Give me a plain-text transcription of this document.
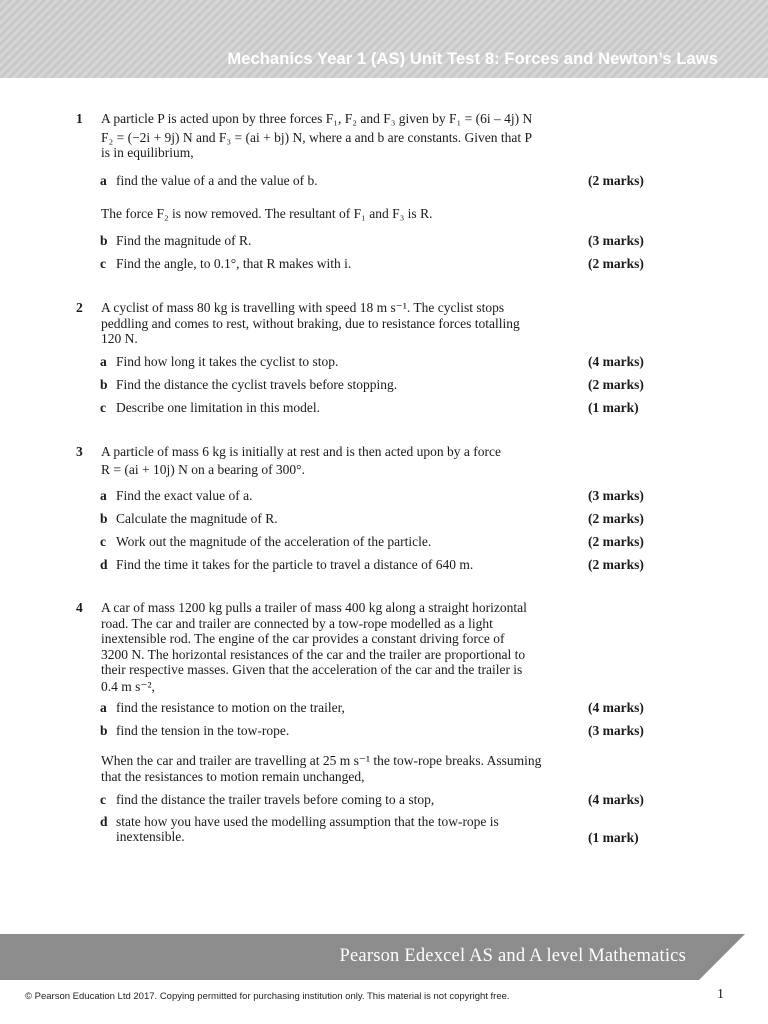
Mechanics Year 1 (AS) Unit Test 8: Forces and Newton’s Laws
1 A particle P is acted upon by three forces F₁, F₂ and F₃ given by F₁ = (6i – 4j) N
F₂ = (−2i + 9j) N and F₃ = (ai + bj) N, where a and b are constants. Given that P
is in equilibrium,
a find the value of a and the value of b.	(2 marks)
The force F₂ is now removed. The resultant of F₁ and F₃ is R.
b Find the magnitude of R.	(3 marks)
c Find the angle, to 0.1°, that R makes with i.	(2 marks)
2 A cyclist of mass 80 kg is travelling with speed 18 m s⁻¹. The cyclist stops
peddling and comes to rest, without braking, due to resistance forces totalling
120 N.
a Find how long it takes the cyclist to stop.	(4 marks)
b Find the distance the cyclist travels before stopping.	(2 marks)
c Describe one limitation in this model.	(1 mark)
3 A particle of mass 6 kg is initially at rest and is then acted upon by a force
R = (ai + 10j) N on a bearing of 300°.
a Find the exact value of a.	(3 marks)
b Calculate the magnitude of R.	(2 marks)
c Work out the magnitude of the acceleration of the particle.	(2 marks)
d Find the time it takes for the particle to travel a distance of 640 m.	(2 marks)
4 A car of mass 1200 kg pulls a trailer of mass 400 kg along a straight horizontal
road. The car and trailer are connected by a tow-rope modelled as a light
inextensible rod. The engine of the car provides a constant driving force of
3200 N. The horizontal resistances of the car and the trailer are proportional to
their respective masses. Given that the acceleration of the car and the trailer is
0.4 m s⁻²,
a find the resistance to motion on the trailer,	(4 marks)
b find the tension in the tow-rope.	(3 marks)
When the car and trailer are travelling at 25 m s⁻¹ the tow-rope breaks. Assuming
that the resistances to motion remain unchanged,
c find the distance the trailer travels before coming to a stop,	(4 marks)
d state how you have used the modelling assumption that the tow-rope is
inextensible.	(1 mark)
Pearson Edexcel AS and A level Mathematics
© Pearson Education Ltd 2017. Copying permitted for purchasing institution only. This material is not copyright free.	1
